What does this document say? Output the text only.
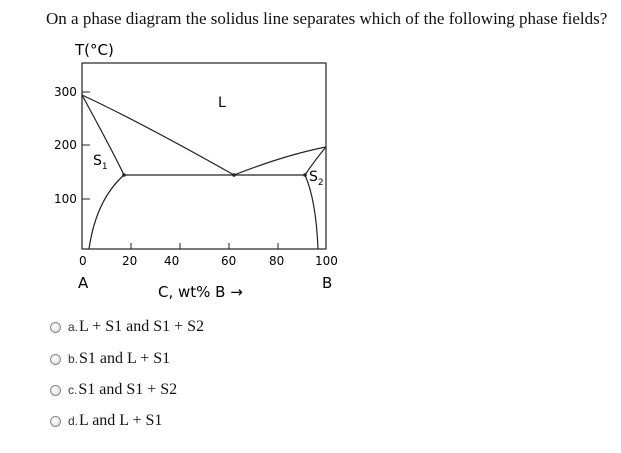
On a phase diagram the solidus line separates which of the following phase fields?
T(°C)
300
200
100
0	20 40	60	80	100
A	B
C, wt% B →
L
$S_1$
$S_2$
a. L + S1 and S1 + S2
b. S1 and L + S1
c. S1 and S1 + S2
d. L and L + S1
